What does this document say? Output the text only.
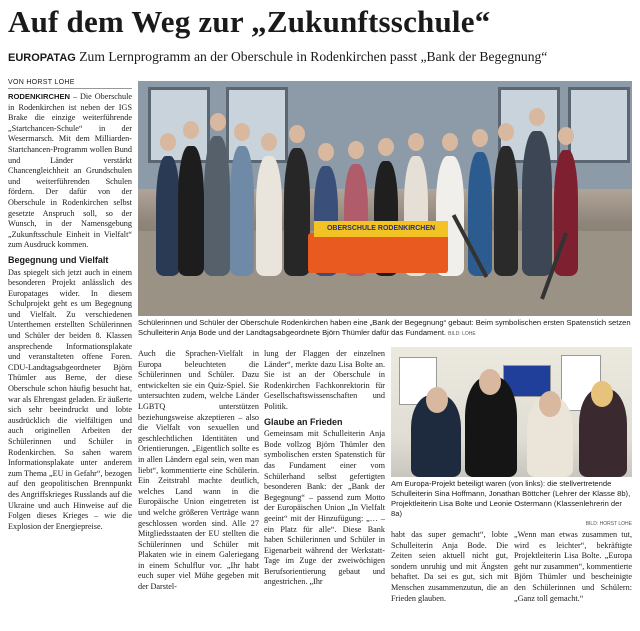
Auf dem Weg zur „Zukunftsschule“
EUROPATAG Zum Lernprogramm an der Oberschule in Rodenkirchen passt „Bank der Begegnung“
VON HORST LOHE

RODENKIRCHEN – Die Oberschule in Rodenkirchen ist neben der IGS Brake die einzige weiterführende „Startchancen-Schule“ in der Wesermarsch. Mit dem Milliarden-Startchancen-Programm wollen Bund und Länder verstärkt Chancengleichheit an Grundschulen und weiterführenden Schulen fördern. Der dafür von der Oberschule in Rodenkirchen selbst gesetzte Anspruch soll, so der Wunsch, in der Namensgebung „Zukunftsschule Einheit in Vielfalt“ zum Ausdruck kommen.

Begegnung und Vielfalt

Das spiegelt sich jetzt auch in einem besonderen Projekt anlässlich des Europatages wider. In diesem Schulprojekt geht es um Begegnung und Vielfalt. Zu verschiedenen Unterthemen erstellten Schülerinnen und Schüler der beiden 8. Klassen ansprechende Informationsplakate und veranstalteten offene Foren. CDU-Landtagsabgeordneter Björn Thümler aus Berne, der diese Oberschule schon häufig besucht hat, war als Ehrengast geladen. Er äußerte sich sehr beeindruckt und lobte ausdrücklich die vielfältigen und auch originellen Arbeiten der Schülerinnen und Schüler in Rodenkirchen. So sahen warem Informationsplakate unter anderem zum Thema „EU in Gefahr“, bezogen auf den geopolitischen Brennpunkt des Angriffskrieges Russlands auf die Ukraine und auch Hinweise auf die Folgen dieses Krieges – wie die Explosion der Energiepreise.

OBERSCHULE RODENKIRCHEN
Schülerinnen und Schüler der Oberschule Rodenkirchen haben eine „Bank der Begegnung“ gebaut: Beim symbolischen ersten Spatenstich setzen Schulleiterin Anja Bode und der Landtagsabgeordnete Björn Thümler dafür das Fundament. BILD: LOHE

Auch die Sprachen-Vielfalt in Europa beleuchteten die Schülerinnen und Schüler. Dazu entwickelten sie ein Quiz-Spiel. Sie untersuchten zudem, welche Länder LGBTQ unterstützen beziehungsweise akzeptieren – also die Vielfalt von sexuellen und geschlechtlichen Identitäten und Orientierungen. „Eigentlich sollte es in allen Ländern egal sein, wen man liebt“, kommentierte eine Schülerin. Ein Zeitstrahl machte deutlich, welches Land wann in die Europäische Union eingetreten ist und welche größeren Verträge wann geschlossen worden sind. Alle 27 Mitgliedsstaaten der EU stellten die Schülerinnen und Schüler mit Plakaten wie in einem Galeriegang in einem Schulflur vor. „Ihr habt euch super viel Mühe gegeben mit der Darstel-

lung der Flaggen der einzelnen Länder“, merkte dazu Lisa Bolte an. Sie ist an der Oberschule in Rodenkirchen Fachkonrektorin für Gesellschaftswissenschaften und Politik.

Glaube an Frieden

Gemeinsam mit Schulleiterin Anja Bode vollzog Björn Thümler den symbolischen ersten Spatenstich für das Fundament einer vom Schülerhand selbst gefertigten besonderen Bank: der „Bank der Begegnung“ – passend zum Motto der Europäischen Union „In Vielfalt geeint“ mit der Hinzufügung: „… – ein Platz für alle“. Diese Bank haben Schülerinnen und Schüler in Eigenarbeit während der Werkstatt-Tage im Zuge der zweiwöchigen Berufsorientierung gebaut und angestrichen. „Ihr

Am Europa-Projekt beteiligt waren (von links): die stellvertretende Schulleiterin Sina Hoffmann, Jonathan Böttcher (Lehrer der Klasse 8b), Projektleiterin Lisa Bolte und Leonie Ostermann (Klassenlehrerin der 8a)
BILD: HORST LOHE

habt das super gemacht“, lobte Schulleiterin Anja Bode. Die Zeiten seien aktuell nicht gut, sondern unruhig und mit Ängsten behaftet. Da sei es gut, sich mit Menschen zusammenzutun, die an Frieden glauben.

„Wenn man etwas zusammen tut, wird es leichter“, bekräftigte Projektleiterin Lisa Bolte. „Europa geht nur zusammen“, kommentierte Björn Thümler und bescheinigte den Schülerinnen und Schülern: „Ganz toll gemacht.“
